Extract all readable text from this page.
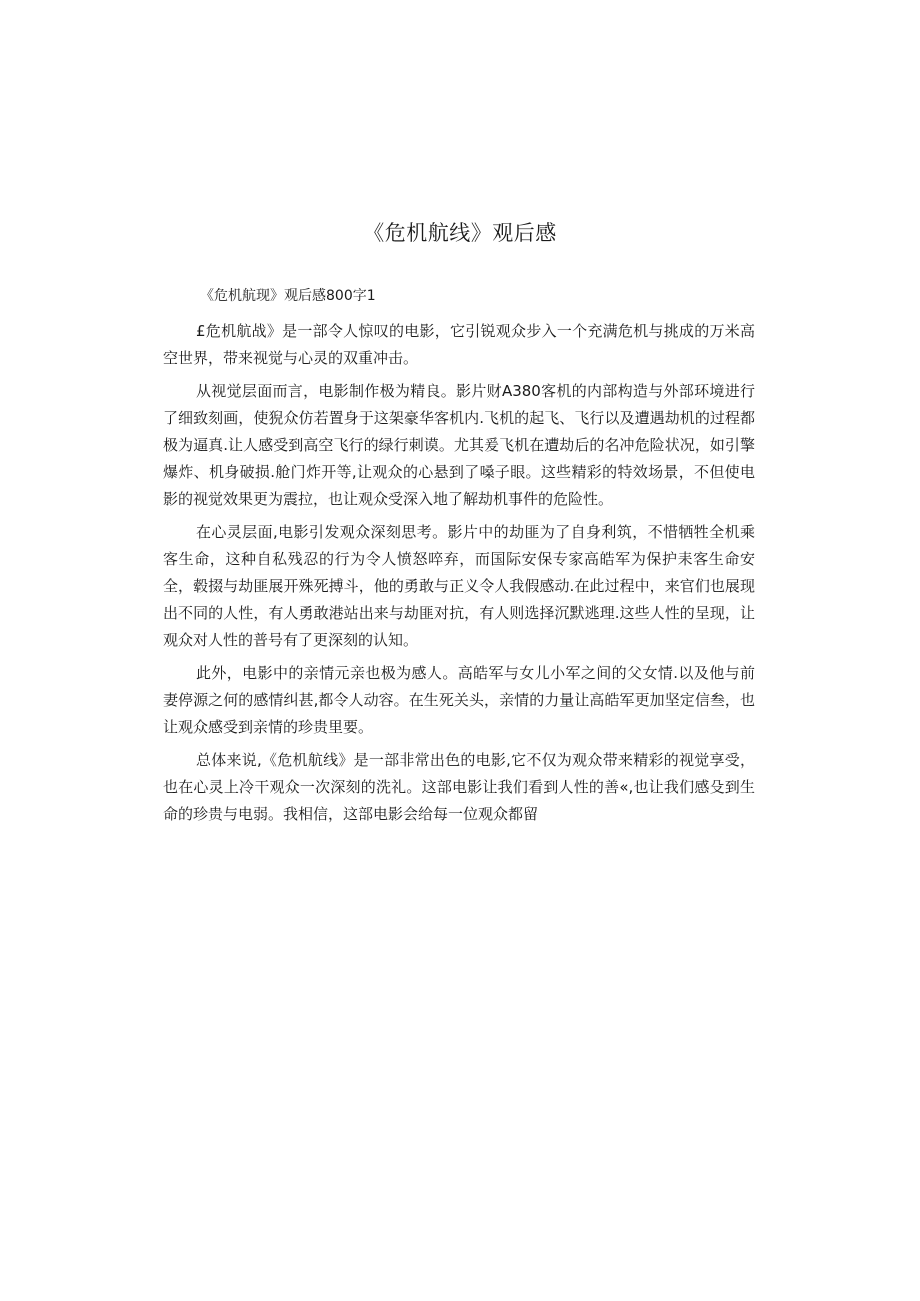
《危机航线》观后感
《危机航现》观后感800字1

£危机航战》是一部令人惊叹的电影，它引锐观众步入一个充满危机与挑成的万米高空世界，带来视觉与心灵的双重冲击。

从视觉层面而言，电影制作极为精良。影片财A380客机的内部构造与外部环境进行了细致刻画，使猊众仿若置身于这架豪华客机内.飞机的起飞、飞行以及遭遇劫机的过程都极为逼真.让人感受到高空飞行的绿行刺谟。尤其爰飞机在遭劫后的名冲危险状况，如引擎爆炸、机身破损.舱门炸开等,让观众的心悬到了嗓子眼。这些精彩的特效场景，不但使电影的视觉效果更为震拉，也让观众受深入地了解劫机事件的危险性。

在心灵层面,电影引发观众深刻思考。影片中的劫匪为了自身利筑，不惜牺牲全机乘客生命，这种自私残忍的行为令人愤怒啐弃，而国际安保专家高皓军为保护耒客生命安全，毂掇与劫匪展开殊死搏斗，他的勇敢与正义令人我假感动.在此过程中，来官们也展现出不同的人性，有人勇敢港站出来与劫匪对抗，有人则选择沉默逃理.这些人性的呈现，让观众对人性的普号有了更深刻的认知。

此外，电影中的亲情元亲也极为感人。高皓军与女儿小军之间的父女情.以及他与前妻停源之何的感情纠甚,都令人动容。在生死关头，亲情的力量让高皓军更加坚定信叁，也让观众感受到亲情的珍贵里要。

总体来说,《危机航线》是一部非常出色的电影,它不仅为观众带来精彩的视觉享受，也在心灵上冷干观众一次深刻的洗礼。这部电影让我们看到人性的善«,也让我们感殳到生命的珍贵与电弱。我相信，这部电影会给每一位观众都留
